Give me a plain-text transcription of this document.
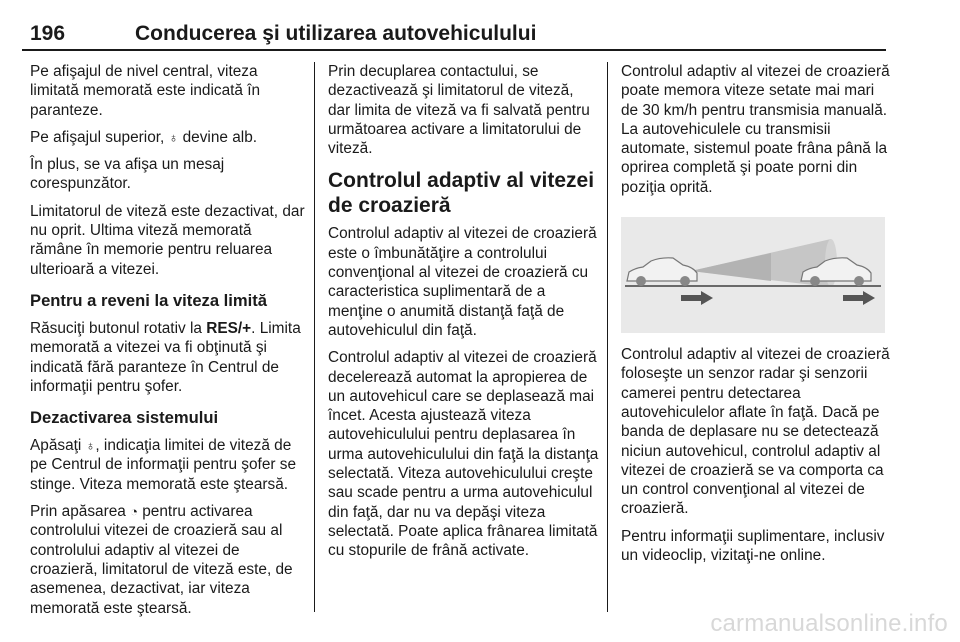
196	Conducerea şi utilizarea autovehiculului

Pe afişajul de nivel central, viteza limitată memorată este indicată în paranteze.

Pe afişajul superior, ♁ devine alb.

În plus, se va afişa un mesaj corespunzător.

Limitatorul de viteză este dezactivat, dar nu oprit. Ultima viteză memorată rămâne în memorie pentru reluarea ulterioară a vitezei.

Pentru a reveni la viteza limită

Răsuciţi butonul rotativ la RES/+. Limita memorată a vitezei va fi obţinută şi indicată fără paranteze în Centrul de informaţii pentru şofer.

Dezactivarea sistemului

Apăsaţi ♁, indicaţia limitei de viteză de pe Centrul de informaţii pentru şofer se stinge. Viteza memorată este ştearsă.

Prin apăsarea ◔ pentru activarea controlului vitezei de croazieră sau al controlului adaptiv al vitezei de croazieră, limitatorul de viteză este, de asemenea, dezactivat, iar viteza memorată este ştearsă.

Prin decuplarea contactului, se dezactivează şi limitatorul de viteză, dar limita de viteză va fi salvată pentru următoarea activare a limitatorului de viteză.

Controlul adaptiv al vitezei de croazieră

Controlul adaptiv al vitezei de croazieră este o îmbunătăţire a controlului convenţional al vitezei de croazieră cu caracteristica suplimentară de a menţine o anumită distanţă faţă de autovehiculul din faţă.

Controlul adaptiv al vitezei de croazieră decelerează automat la apropierea de un autovehicul care se deplasează mai încet. Acesta ajustează viteza autovehiculului pentru deplasarea în urma autovehiculului din faţă la distanţa selectată. Viteza autovehiculului creşte sau scade pentru a urma autovehiculul din faţă, dar nu va depăşi viteza selectată. Poate aplica frânarea limitată cu stopurile de frână activate.

Controlul adaptiv al vitezei de croazieră poate memora viteze setate mai mari de 30 km/h pentru transmisia manuală. La autovehiculele cu transmisii automate, sistemul poate frâna până la oprirea completă şi poate porni din poziţia oprită.

Controlul adaptiv al vitezei de croazieră foloseşte un senzor radar şi senzorii camerei pentru detectarea autovehiculelor aflate în faţă. Dacă pe banda de deplasare nu se detectează niciun autovehicul, controlul adaptiv al vitezei de croazieră se va comporta ca un control convenţional al vitezei de croazieră.

Pentru informaţii suplimentare, inclusiv un videoclip, vizitaţi-ne online.

carmanualsonline.info
